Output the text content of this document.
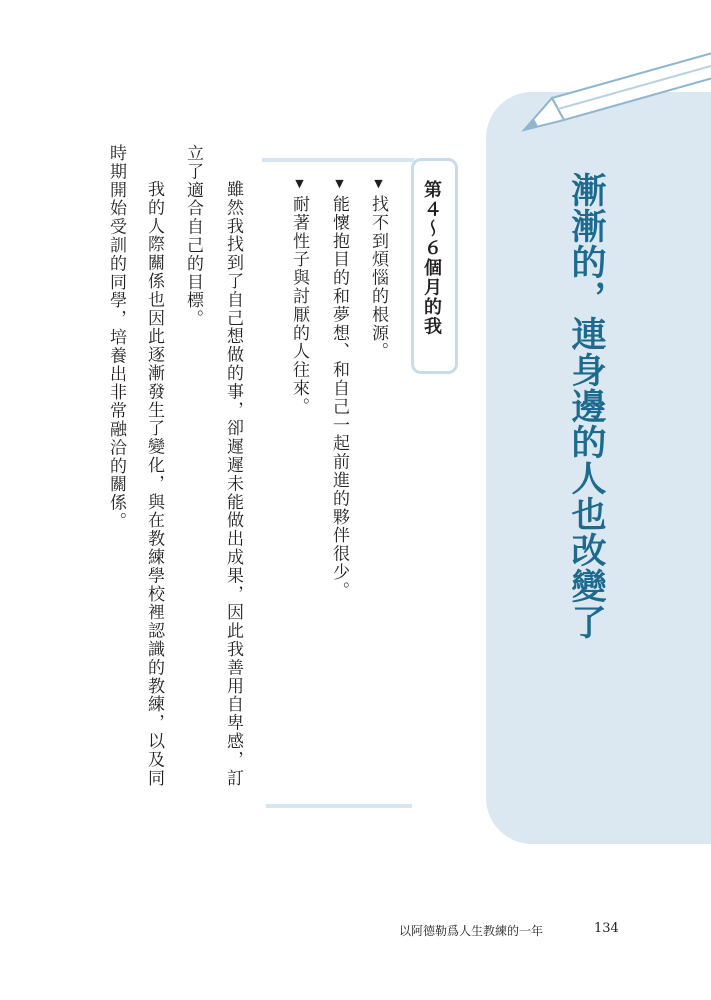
漸漸的，連身邊的人也改變了
第４～６個月的我
▼找不到煩惱的根源。
▼能懷抱目的和夢想、和自己一起前進的夥伴很少。
▼耐著性子與討厭的人往來。
雖然我找到了自己想做的事，卻遲遲未能做出成果，因此我善用自卑感，訂
立了適合自己的目標。
我的人際關係也因此逐漸發生了變化，與在教練學校裡認識的教練，以及同
時期開始受訓的同學，培養出非常融洽的關係。
以阿德勒爲人生教練的一年	134
